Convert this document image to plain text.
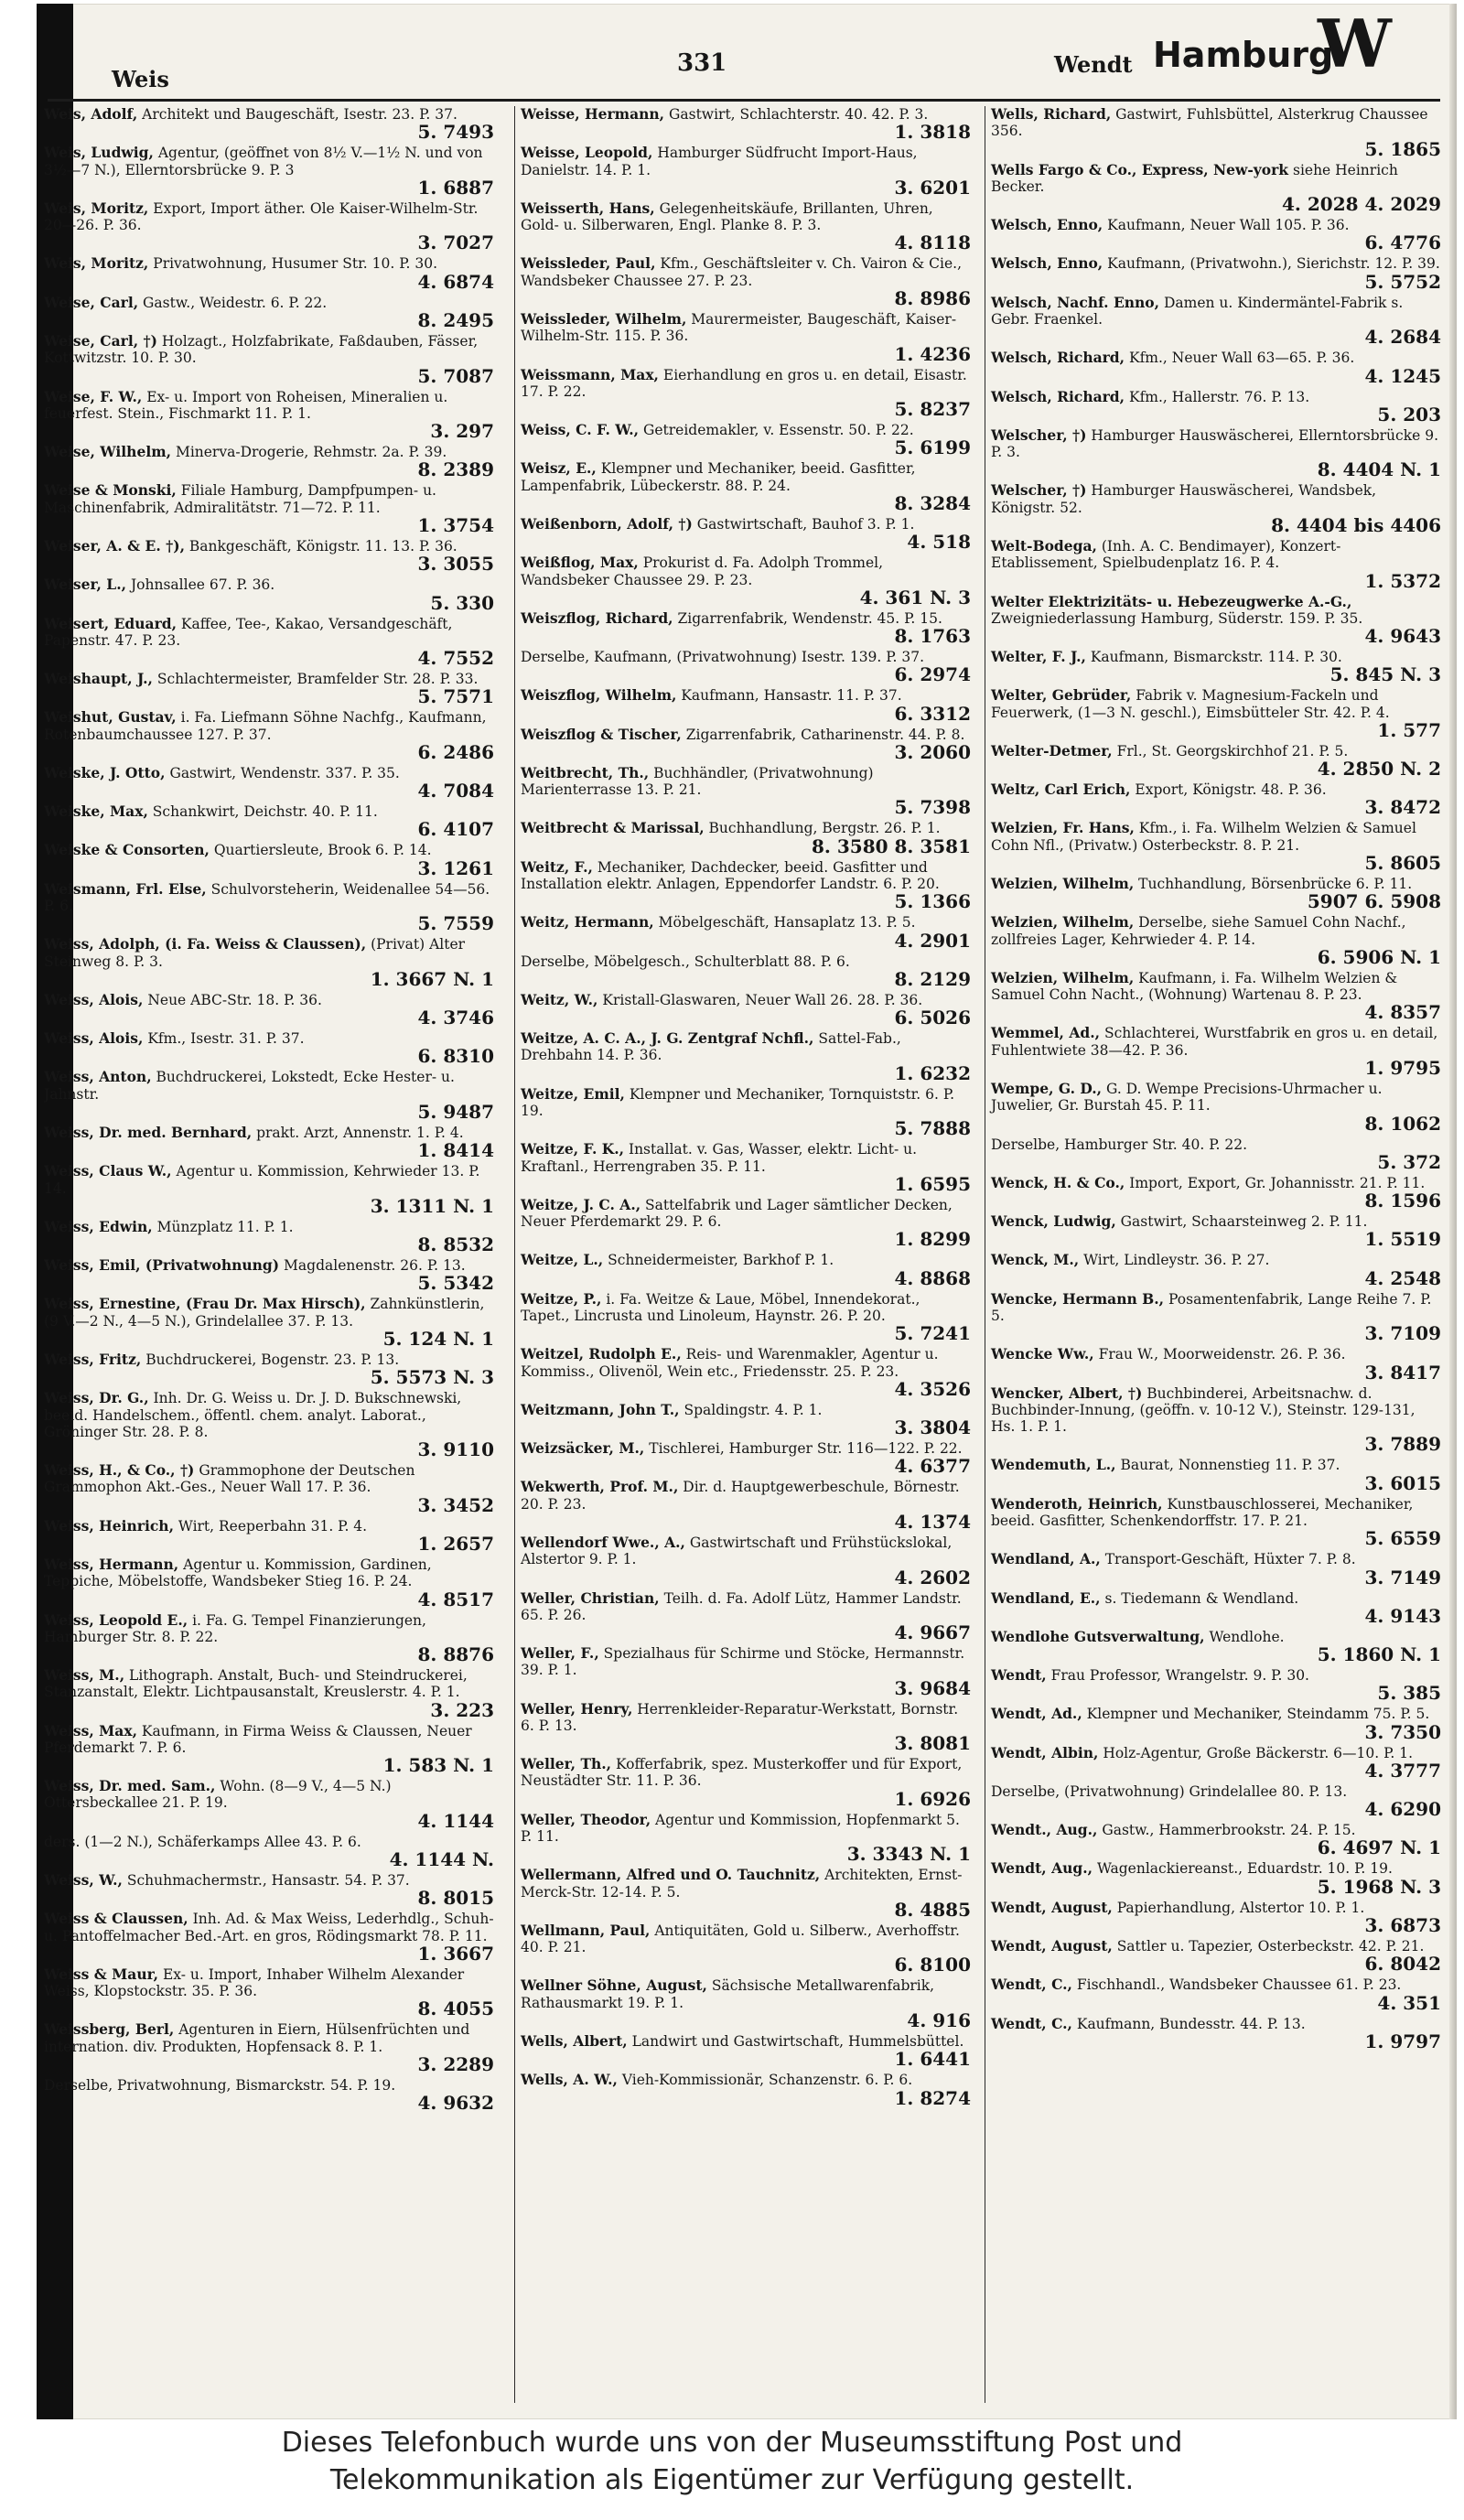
Weis
331	Wendt Hamburg
W
Weis, Adolf, Architekt und Baugeschäft, Isestr. 23. P. 37.
5. 7493
Weis, Ludwig, Agentur, (geöffnet von 8½ V.—1½ N. und von 3½—7 N.), Ellerntorsbrücke 9. P. 3
1. 6887
Weis, Moritz, Export, Import äther. Ole Kaiser-Wilhelm-Str. 20—26. P. 36.
3. 7027
Weis, Moritz, Privatwohnung, Husumer Str. 10. P. 30.
4. 6874
Weise, Carl, Gastw., Weidestr. 6. P. 22.
8. 2495
Weise, Carl, †) Holzagt., Holzfabrikate, Faßdauben, Fässer, Kottwitzstr. 10. P. 30.
5. 7087
Weise, F. W., Ex- u. Import von Roheisen, Mineralien u. feuerfest. Stein., Fischmarkt 11. P. 1.
3. 297
Weise, Wilhelm, Minerva-Drogerie, Rehmstr. 2a. P. 39.
8. 2389
Weise & Monski, Filiale Hamburg, Dampfpumpen- u. Maschinenfabrik, Admiralitätstr. 71—72. P. 11.
1. 3754
Weiser, A. & E. †), Bankgeschäft, Königstr. 11. 13. P. 36.
3. 3055
Weiser, L., Johnsallee 67. P. 36.
5. 330
Weisert, Eduard, Kaffee, Tee-, Kakao, Versandgeschäft, Papenstr. 47. P. 23.
4. 7552
Weishaupt, J., Schlachtermeister, Bramfelder Str. 28. P. 33.
5. 7571
Weishut, Gustav, i. Fa. Liefmann Söhne Nachfg., Kaufmann, Rotenbaumchaussee 127. P. 37.
6. 2486
Weiske, J. Otto, Gastwirt, Wendenstr. 337. P. 35.
4. 7084
Weiske, Max, Schankwirt, Deichstr. 40. P. 11.
6. 4107
Weiske & Consorten, Quartiersleute, Brook 6. P. 14.
3. 1261
Weismann, Frl. Else, Schulvorsteherin, Weidenallee 54—56. P. 6.
5. 7559
Weiss, Adolph, (i. Fa. Weiss & Claussen), (Privat) Alter Steinweg 8. P. 3.
1. 3667 N. 1
Weiss, Alois, Neue ABC-Str. 18. P. 36.
4. 3746
Weiss, Alois, Kfm., Isestr. 31. P. 37.
6. 8310
Weiss, Anton, Buchdruckerei, Lokstedt, Ecke Hester- u. Jahnstr.
5. 9487
Weiss, Dr. med. Bernhard, prakt. Arzt, Annenstr. 1. P. 4.
1. 8414
Weiss, Claus W., Agentur u. Kommission, Kehrwieder 13. P. 14.
3. 1311 N. 1
Weiss, Edwin, Münzplatz 11. P. 1.
8. 8532
Weiss, Emil, (Privatwohnung) Magdalenenstr. 26. P. 13.
5. 5342
Weiss, Ernestine, (Frau Dr. Max Hirsch), Zahnkünstlerin, (9 V.—2 N., 4—5 N.), Grindelallee 37. P. 13.
5. 124 N. 1
Weiss, Fritz, Buchdruckerei, Bogenstr. 23. P. 13.
5. 5573 N. 3
Weiss, Dr. G., Inh. Dr. G. Weiss u. Dr. J. D. Bukschnewski, beeid. Handelschem., öffentl. chem. analyt. Laborat., Gröninger Str. 28. P. 8.
3. 9110
Weiss, H., & Co., †) Grammophone der Deutschen Grammophon Akt.-Ges., Neuer Wall 17. P. 36.
3. 3452
Weiss, Heinrich, Wirt, Reeperbahn 31. P. 4.
1. 2657
Weiss, Hermann, Agentur u. Kommission, Gardinen, Teppiche, Möbelstoffe, Wandsbeker Stieg 16. P. 24.
4. 8517
Weiss, Leopold E., i. Fa. G. Tempel Finanzierungen, Hamburger Str. 8. P. 22.
8. 8876
Weiss, M., Lithograph. Anstalt, Buch- und Steindruckerei, Stanzanstalt, Elektr. Lichtpausanstalt, Kreuslerstr. 4. P. 1.
3. 223
Weiss, Max, Kaufmann, in Firma Weiss & Claussen, Neuer Pferdemarkt 7. P. 6.
1. 583 N. 1
Weiss, Dr. med. Sam., Wohn. (8—9 V., 4—5 N.) Ottersbeckallee 21. P. 19.
4. 1144
ders. (1—2 N.), Schäferkamps Allee 43. P. 6.
4. 1144 N.
Weiss, W., Schuhmachermstr., Hansastr. 54. P. 37.
8. 8015
Weiss & Claussen, Inh. Ad. & Max Weiss, Lederhdlg., Schuh- u. Pantoffelmacher Bed.-Art. en gros, Rödingsmarkt 78. P. 11.
1. 3667
Weiss & Maur, Ex- u. Import, Inhaber Wilhelm Alexander Weiss, Klopstockstr. 35. P. 36.
8. 4055
Weissberg, Berl, Agenturen in Eiern, Hülsenfrüchten und internation. div. Produkten, Hopfensack 8. P. 1.
3. 2289
Derselbe, Privatwohnung, Bismarckstr. 54. P. 19.
4. 9632
Weisse, Hermann, Gastwirt, Schlachterstr. 40. 42. P. 3.
1. 3818
Weisse, Leopold, Hamburger Südfrucht Import-Haus, Danielstr. 14. P. 1.
3. 6201
Weisserth, Hans, Gelegenheitskäufe, Brillanten, Uhren, Gold- u. Silberwaren, Engl. Planke 8. P. 3.
4. 8118
Weissleder, Paul, Kfm., Geschäftsleiter v. Ch. Vairon & Cie., Wandsbeker Chaussee 27. P. 23.
8. 8986
Weissleder, Wilhelm, Maurermeister, Baugeschäft, Kaiser-Wilhelm-Str. 115. P. 36.
1. 4236
Weissmann, Max, Eierhandlung en gros u. en detail, Eisastr. 17. P. 22.
5. 8237
Weiss, C. F. W., Getreidemakler, v. Essenstr. 50. P. 22.
5. 6199
Weisz, E., Klempner und Mechaniker, beeid. Gasfitter, Lampenfabrik, Lübeckerstr. 88. P. 24.
8. 3284
Weißenborn, Adolf, †) Gastwirtschaft, Bauhof 3. P. 1.
4. 518
Weißflog, Max, Prokurist d. Fa. Adolph Trommel, Wandsbeker Chaussee 29. P. 23.
4. 361 N. 3
Weiszflog, Richard, Zigarrenfabrik, Wendenstr. 45. P. 15.
8. 1763
Derselbe, Kaufmann, (Privatwohnung) Isestr. 139. P. 37.
6. 2974
Weiszflog, Wilhelm, Kaufmann, Hansastr. 11. P. 37.
6. 3312
Weiszflog & Tischer, Zigarrenfabrik, Catharinenstr. 44. P. 8.
3. 2060
Weitbrecht, Th., Buchhändler, (Privatwohnung) Marienterrasse 13. P. 21.
5. 7398
Weitbrecht & Marissal, Buchhandlung, Bergstr. 26. P. 1.
8. 3580 8. 3581
Weitz, F., Mechaniker, Dachdecker, beeid. Gasfitter und Installation elektr. Anlagen, Eppendorfer Landstr. 6. P. 20.
5. 1366
Weitz, Hermann, Möbelgeschäft, Hansaplatz 13. P. 5.
4. 2901
Derselbe, Möbelgesch., Schulterblatt 88. P. 6.
8. 2129
Weitz, W., Kristall-Glaswaren, Neuer Wall 26. 28. P. 36.
6. 5026
Weitze, A. C. A., J. G. Zentgraf Nchfl., Sattel-Fab., Drehbahn 14. P. 36.
1. 6232
Weitze, Emil, Klempner und Mechaniker, Tornquiststr. 6. P. 19.
5. 7888
Weitze, F. K., Installat. v. Gas, Wasser, elektr. Licht- u. Kraftanl., Herrengraben 35. P. 11.
1. 6595
Weitze, J. C. A., Sattelfabrik und Lager sämtlicher Decken, Neuer Pferdemarkt 29. P. 6.
1. 8299
Weitze, L., Schneidermeister, Barkhof P. 1.
4. 8868
Weitze, P., i. Fa. Weitze & Laue, Möbel, Innendekorat., Tapet., Lincrusta und Linoleum, Haynstr. 26. P. 20.
5. 7241
Weitzel, Rudolph E., Reis- und Warenmakler, Agentur u. Kommiss., Olivenöl, Wein etc., Friedensstr. 25. P. 23.
4. 3526
Weitzmann, John T., Spaldingstr. 4. P. 1.
3. 3804
Weizsäcker, M., Tischlerei, Hamburger Str. 116—122. P. 22.
4. 6377
Wekwerth, Prof. M., Dir. d. Hauptgewerbeschule, Börnestr. 20. P. 23.
4. 1374
Wellendorf Wwe., A., Gastwirtschaft und Frühstückslokal, Alstertor 9. P. 1.
4. 2602
Weller, Christian, Teilh. d. Fa. Adolf Lütz, Hammer Landstr. 65. P. 26.
4. 9667
Weller, F., Spezialhaus für Schirme und Stöcke, Hermannstr. 39. P. 1.
3. 9684
Weller, Henry, Herrenkleider-Reparatur-Werkstatt, Bornstr. 6. P. 13.
3. 8081
Weller, Th., Kofferfabrik, spez. Musterkoffer und für Export, Neustädter Str. 11. P. 36.
1. 6926
Weller, Theodor, Agentur und Kommission, Hopfenmarkt 5. P. 11.
3. 3343 N. 1
Wellermann, Alfred und O. Tauchnitz, Architekten, Ernst-Merck-Str. 12-14. P. 5.
8. 4885
Wellmann, Paul, Antiquitäten, Gold u. Silberw., Averhoffstr. 40. P. 21.
6. 8100
Wellner Söhne, August, Sächsische Metallwarenfabrik, Rathausmarkt 19. P. 1.
4. 916
Wells, Albert, Landwirt und Gastwirtschaft, Hummelsbüttel.
1. 6441
Wells, A. W., Vieh-Kommissionär, Schanzenstr. 6. P. 6.
1. 8274
Wells, Richard, Gastwirt, Fuhlsbüttel, Alsterkrug Chaussee 356.
5. 1865
Wells Fargo & Co., Express, New-york siehe Heinrich Becker.
4. 2028 4. 2029
Welsch, Enno, Kaufmann, Neuer Wall 105. P. 36.
6. 4776
Welsch, Enno, Kaufmann, (Privatwohn.), Sierichstr. 12. P. 39.
5. 5752
Welsch, Nachf. Enno, Damen u. Kindermäntel-Fabrik s. Gebr. Fraenkel.
4. 2684
Welsch, Richard, Kfm., Neuer Wall 63—65. P. 36.
4. 1245
Welsch, Richard, Kfm., Hallerstr. 76. P. 13.
5. 203
Welscher, †) Hamburger Hauswäscherei, Ellerntorsbrücke 9. P. 3.
8. 4404 N. 1
Welscher, †) Hamburger Hauswäscherei, Wandsbek, Königstr. 52.
8. 4404 bis 4406
Welt-Bodega, (Inh. A. C. Bendimayer), Konzert-Etablissement, Spielbudenplatz 16. P. 4.
1. 5372
Welter Elektrizitäts- u. Hebezeugwerke A.-G., Zweigniederlassung Hamburg, Süderstr. 159. P. 35.
4. 9643
Welter, F. J., Kaufmann, Bismarckstr. 114. P. 30.
5. 845 N. 3
Welter, Gebrüder, Fabrik v. Magnesium-Fackeln und Feuerwerk, (1—3 N. geschl.), Eimsbütteler Str. 42. P. 4.
1. 577
Welter-Detmer, Frl., St. Georgskirchhof 21. P. 5.
4. 2850 N. 2
Weltz, Carl Erich, Export, Königstr. 48. P. 36.
3. 8472
Welzien, Fr. Hans, Kfm., i. Fa. Wilhelm Welzien & Samuel Cohn Nfl., (Privatw.) Osterbeckstr. 8. P. 21.
5. 8605
Welzien, Wilhelm, Tuchhandlung, Börsenbrücke 6. P. 11.
5907 6. 5908
Welzien, Wilhelm, Derselbe, siehe Samuel Cohn Nachf., zollfreies Lager, Kehrwieder 4. P. 14.
6. 5906 N. 1
Welzien, Wilhelm, Kaufmann, i. Fa. Wilhelm Welzien & Samuel Cohn Nacht., (Wohnung) Wartenau 8. P. 23.
4. 8357
Wemmel, Ad., Schlachterei, Wurstfabrik en gros u. en detail, Fuhlentwiete 38—42. P. 36.
1. 9795
Wempe, G. D., G. D. Wempe Precisions-Uhrmacher u. Juwelier, Gr. Burstah 45. P. 11.
8. 1062
Derselbe, Hamburger Str. 40. P. 22.
5. 372
Wenck, H. & Co., Import, Export, Gr. Johannisstr. 21. P. 11.
8. 1596
Wenck, Ludwig, Gastwirt, Schaarsteinweg 2. P. 11.
1. 5519
Wenck, M., Wirt, Lindleystr. 36. P. 27.
4. 2548
Wencke, Hermann B., Posamentenfabrik, Lange Reihe 7. P. 5.
3. 7109
Wencke Ww., Frau W., Moorweidenstr. 26. P. 36.
3. 8417
Wencker, Albert, †) Buchbinderei, Arbeitsnachw. d. Buchbinder-Innung, (geöffn. v. 10-12 V.), Steinstr. 129-131, Hs. 1. P. 1.
3. 7889
Wendemuth, L., Baurat, Nonnenstieg 11. P. 37.
3. 6015
Wenderoth, Heinrich, Kunstbauschlosserei, Mechaniker, beeid. Gasfitter, Schenkendorffstr. 17. P. 21.
5. 6559
Wendland, A., Transport-Geschäft, Hüxter 7. P. 8.
3. 7149
Wendland, E., s. Tiedemann & Wendland.
4. 9143
Wendlohe Gutsverwaltung, Wendlohe.
5. 1860 N. 1
Wendt, Frau Professor, Wrangelstr. 9. P. 30.
5. 385
Wendt, Ad., Klempner und Mechaniker, Steindamm 75. P. 5.
3. 7350
Wendt, Albin, Holz-Agentur, Große Bäckerstr. 6—10. P. 1.
4. 3777
Derselbe, (Privatwohnung) Grindelallee 80. P. 13.
4. 6290
Wendt., Aug., Gastw., Hammerbrookstr. 24. P. 15.
6. 4697 N. 1
Wendt, Aug., Wagenlackiereanst., Eduardstr. 10. P. 19.
5. 1968 N. 3
Wendt, August, Papierhandlung, Alstertor 10. P. 1.
3. 6873
Wendt, August, Sattler u. Tapezier, Osterbeckstr. 42. P. 21.
6. 8042
Wendt, C., Fischhandl., Wandsbeker Chaussee 61. P. 23.
4. 351
Wendt, C., Kaufmann, Bundesstr. 44. P. 13.
1. 9797
Dieses Telefonbuch wurde uns von der Museumsstiftung Post und
Telekommunikation als Eigentümer zur Verfügung gestellt.
